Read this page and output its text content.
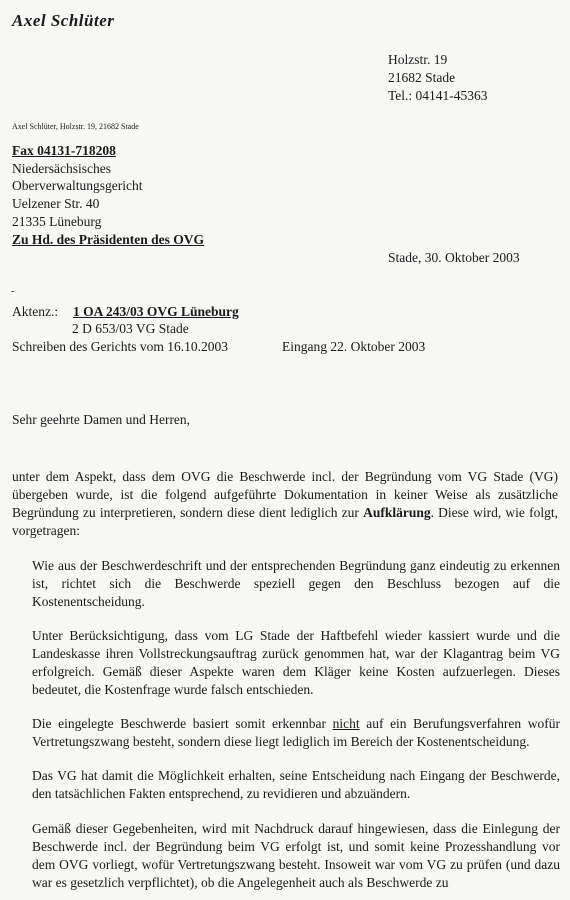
Axel Schlüter
Holzstr. 19
21682 Stade
Tel.: 04141-45363
Axel Schlüter, Holzstr. 19, 21682 Stade
Fax 04131-718208
Niedersächsisches
Oberverwaltungsgericht
Uelzener Str. 40
21335 Lüneburg
Zu Hd. des Präsidenten des OVG
Stade, 30. Oktober 2003
-
Aktenz.: 1 OA 243/03 OVG Lüneburg
2 D 653/03 VG Stade
Schreiben des Gerichts vom 16.10.2003	Eingang 22. Oktober 2003
Sehr geehrte Damen und Herren,
unter dem Aspekt, dass dem OVG die Beschwerde incl. der Begründung vom VG Stade (VG) übergeben wurde, ist die folgend aufgeführte Dokumentation in keiner Weise als zusätzliche Begründung zu interpretieren, sondern diese dient lediglich zur Aufklärung. Diese wird, wie folgt, vorgetragen:
Wie aus der Beschwerdeschrift und der entsprechenden Begründung ganz eindeutig zu erkennen ist, richtet sich die Beschwerde speziell gegen den Beschluss bezogen auf die Kostenentscheidung.
Unter Berücksichtigung, dass vom LG Stade der Haftbefehl wieder kassiert wurde und die Landeskasse ihren Vollstreckungsauftrag zurück genommen hat, war der Klagantrag beim VG erfolgreich. Gemäß dieser Aspekte waren dem Kläger keine Kosten aufzuerlegen. Dieses bedeutet, die Kostenfrage wurde falsch entschieden.
Die eingelegte Beschwerde basiert somit erkennbar nicht auf ein Berufungsverfahren wofür Vertretungszwang besteht, sondern diese liegt lediglich im Bereich der Kostenentscheidung.
Das VG hat damit die Möglichkeit erhalten, seine Entscheidung nach Eingang der Beschwerde, den tatsächlichen Fakten entsprechend, zu revidieren und abzuändern.
Gemäß dieser Gegebenheiten, wird mit Nachdruck darauf hingewiesen, dass die Einlegung der Beschwerde incl. der Begründung beim VG erfolgt ist, und somit keine Prozesshandlung vor dem OVG vorliegt, wofür Vertretungszwang besteht. Insoweit war vom VG zu prüfen (und dazu war es gesetzlich verpflichtet), ob die Angelegenheit auch als Beschwerde zu
